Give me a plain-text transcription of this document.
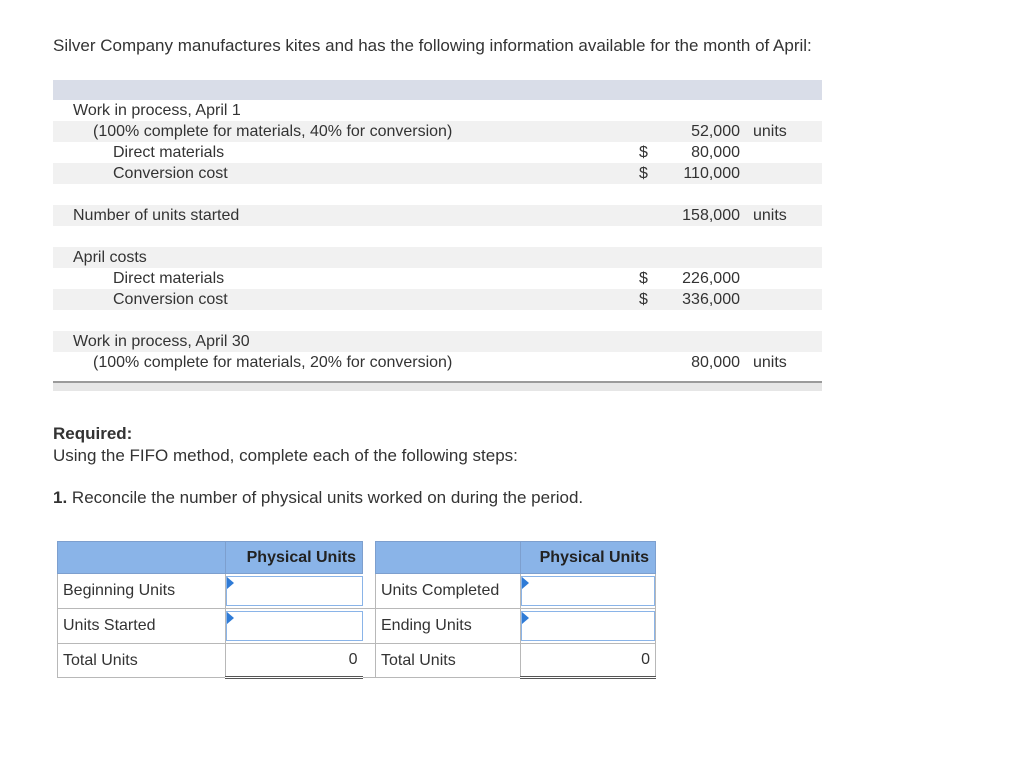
Silver Company manufactures kites and has the following information available for the month of April:
Work in process, April 1
(100% complete for materials, 40% for conversion)	52,000 units
Direct materials	$	80,000
Conversion cost	$ 110,000
Number of units started	158,000 units
April costs
Direct materials	$ 226,000
Conversion cost	$ 336,000
Work in process, April 30
(100% complete for materials, 20% for conversion)	80,000 units
Required:
Using the FIFO method, complete each of the following steps:
1. Reconcile the number of physical units worked on during the period.
	Physical Units			Physical Units
Beginning Units			Units Completed	

Units Started			Ending Units	

Total Units	0		Total Units	0
